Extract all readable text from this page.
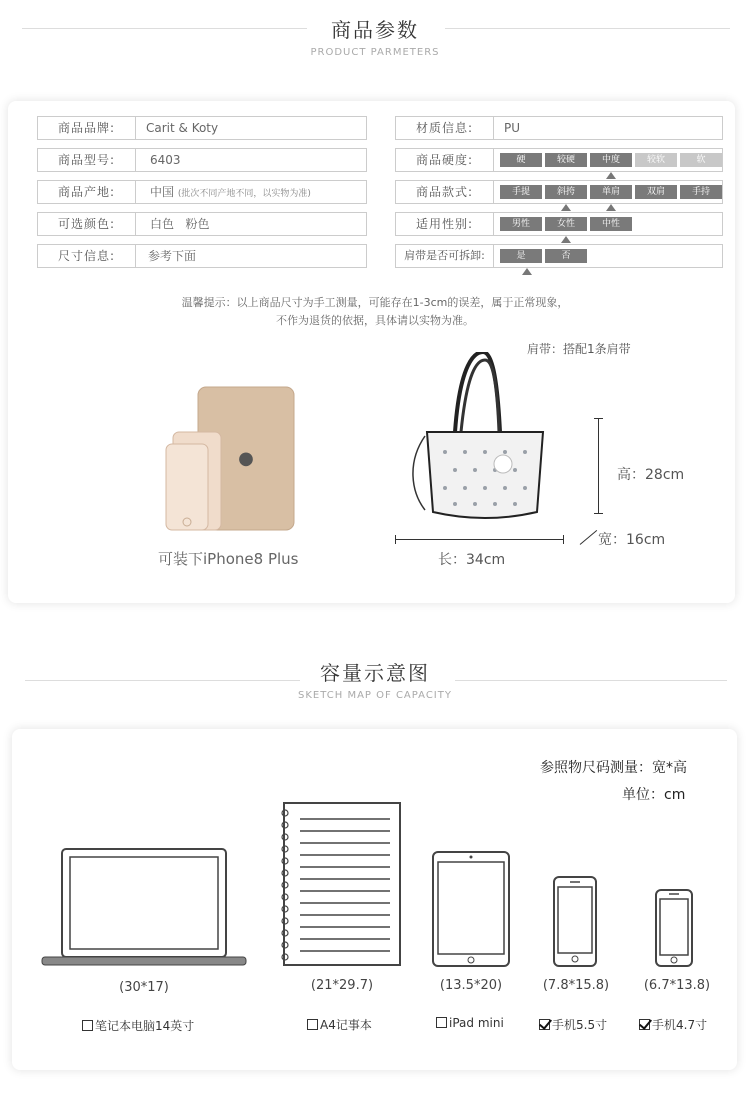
商品参数
PRODUCT PARMETERS
商品品牌:	Carit & Koty
商品型号:	6403
商品产地:	中国 (批次不同产地不同，以实物为准)
可选颜色:	白色   粉色
尺寸信息:	参考下面
材质信息:	PU
商品硬度:	硬	较硬	中度	较软	软
商品款式:	手提	斜挎	单肩	双肩	手持
适用性别:	男性	女性	中性
肩带是否可拆卸:	是	否
温馨提示：以上商品尺寸为手工测量，可能存在1-3cm的误差，属于正常现象，
不作为退货的依据，具体请以实物为准。
肩带：搭配1条肩带
●
可装下iPhone8 Plus
高：28cm
长：34cm
宽：16cm
容量示意图
SKETCH MAP OF CAPACITY
参照物尺码测量：宽*高
单位：cm
(30*17)	(21*29.7)	(13.5*20)	(7.8*15.8)	(6.7*13.8)
笔记本电脑14英寸	A4记事本	iPad mini	手机5.5寸	手机4.7寸
